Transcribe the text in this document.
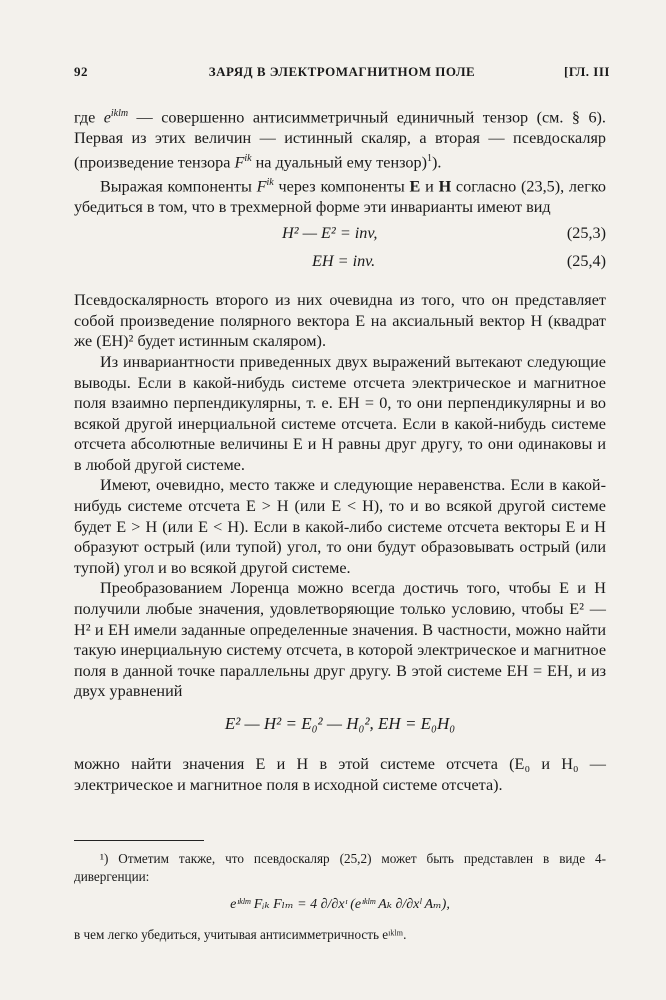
92	ЗАРЯД В ЭЛЕКТРОМАГНИТНОМ ПОЛЕ	[ГЛ. III

где $e^{iklm}$ — совершенно антисимметричный единичный тензор (см. § 6). Первая из этих величин — истинный скаляр, а вторая — псевдоскаляр (произведение тензора $F^{ik}$ на дуальный ему тензор)$^1$).

Выражая компоненты $F^{ik}$ через компоненты E и H согласно (23,5), легко убедиться в том, что в трехмерной форме эти инварианты имеют вид

H² — E² = inv,	(25,3)
EH = inv.	(25,4)

Псевдоскалярность второго из них очевидна из того, что он представляет собой произведение полярного вектора E на аксиальный вектор H (квадрат же (EH)² будет истинным скаляром).

Из инвариантности приведенных двух выражений вытекают следующие выводы. Если в какой-нибудь системе отсчета электрическое и магнитное поля взаимно перпендикулярны, т. е. EH = 0, то они перпендикулярны и во всякой другой инерциальной системе отсчета. Если в какой-нибудь системе отсчета абсолютные величины E и H равны друг другу, то они одинаковы и в любой другой системе.

Имеют, очевидно, место также и следующие неравенства. Если в какой-нибудь системе отсчета E > H (или E < H), то и во всякой другой системе будет E > H (или E < H). Если в какой-либо системе отсчета векторы E и H образуют острый (или тупой) угол, то они будут образовывать острый (или тупой) угол и во всякой другой системе.

Преобразованием Лоренца можно всегда достичь того, чтобы E и H получили любые значения, удовлетворяющие только условию, чтобы E² — H² и EH имели заданные определенные значения. В частности, можно найти такую инерциальную систему отсчета, в которой электрическое и магнитное поля в данной точке параллельны друг другу. В этой системе EH = EH, и из двух уравнений

E² — H² = E₀² — H₀², EH = E₀H₀

можно найти значения E и H в этой системе отсчета (E₀ и H₀ — электрическое и магнитное поля в исходной системе отсчета).

¹) Отметим также, что псевдоскаляр (25,2) может быть представлен в виде 4-дивергенции:

eᶦᵏˡᵐ Fᵢₖ Fₗₘ = 4 ∂/∂xᶦ (eᶦᵏˡᵐ Aₖ ∂/∂xˡ Aₘ),

в чем легко убедиться, учитывая антисимметричность eᶦᵏˡᵐ.
